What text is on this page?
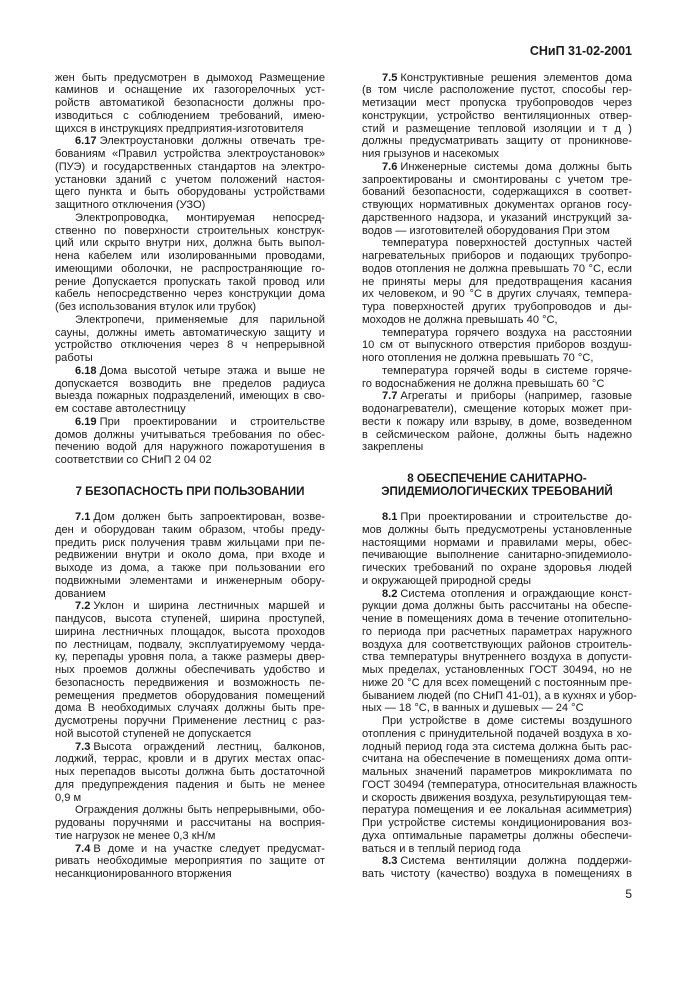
СНиП 31-02-2001
жен быть предусмотрен в дымоход Размещение
каминов и оснащение их газогорелочных уст-
ройств автоматикой безопасности должны про-
изводиться с соблюдением требований, имею-
щихся в инструкциях предприятия-изготовителя
6.17 Электроустановки должны отвечать тре-
бованиям «Правил устройства электроустановок»
(ПУЭ) и государственных стандартов на электро-
установки зданий с учетом положений настоя-
щего пункта и быть оборудованы устройствами
защитного отключения (УЗО)
Электропроводка, монтируемая непосред-
ственно по поверхности строительных конструк-
ций или скрыто внутри них, должна быть выпол-
нена кабелем или изолированными проводами,
имеющими оболочки, не распространяющие го-
рение Допускается пропускать такой провод или
кабель непосредственно через конструкции дома
(без использования втулок или трубок)
Электропечи, применяемые для парильной
сауны, должны иметь автоматическую защиту и
устройство отключения через 8 ч непрерывной
работы
6.18 Дома высотой четыре этажа и выше не
допускается возводить вне пределов радиуса
выезда пожарных подразделений, имеющих в сво-
ем составе автолестницу
6.19 При проектировании и строительстве
домов должны учитываться требования по обес-
печению водой для наружного пожаротушения в
соответствии со СНиП 2 04 02
7 БЕЗОПАСНОСТЬ ПРИ ПОЛЬЗОВАНИИ
7.1 Дом должен быть запроектирован, возве-
ден и оборудован таким образом, чтобы преду-
предить риск получения травм жильцами при пе-
редвижении внутри и около дома, при входе и
выходе из дома, а также при пользовании его
подвижными элементами и инженерным обору-
дованием
7.2 Уклон и ширина лестничных маршей и
пандусов, высота ступеней, ширина проступей,
ширина лестничных площадок, высота проходов
по лестницам, подвалу, эксплуатируемому черда-
ку, перепады уровня пола, а также размеры двер-
ных проемов должны обеспечивать удобство и
безопасность передвижения и возможность пе-
ремещения предметов оборудования помещений
дома В необходимых случаях должны быть пре-
дусмотрены поручни Применение лестниц с раз-
ной высотой ступеней не допускается
7.3 Высота ограждений лестниц, балконов,
лоджий, террас, кровли и в других местах опас-
ных перепадов высоты должна быть достаточной
для предупреждения падения и быть не менее
0,9 м
Ограждения должны быть непрерывными, обо-
рудованы поручнями и рассчитаны на восприя-
тие нагрузок не менее 0,3 кН/м
7.4 В доме и на участке следует предусмат-
ривать необходимые мероприятия по защите от
несанкционированного вторжения
7.5 Конструктивные решения элементов дома
(в том числе расположение пустот, способы гер-
метизации мест пропуска трубопроводов через
конструкции, устройство вентиляционных отвер-
стий и размещение тепловой изоляции и т д )
должны предусматривать защиту от проникнове-
ния грызунов и насекомых
7.6 Инженерные системы дома должны быть
запроектированы и смонтированы с учетом тре-
бований безопасности, содержащихся в соответ-
ствующих нормативных документах органов госу-
дарственного надзора, и указаний инструкций за-
водов — изготовителей оборудования При этом
температура поверхностей доступных частей
нагревательных приборов и подающих трубопро-
водов отопления не должна превышать 70 °С, если
не приняты меры для предотвращения касания
их человеком, и 90 °С в других случаях, темпера-
тура поверхностей других трубопроводов и ды-
моходов не должна превышать 40 °С,
температура горячего воздуха на расстоянии
10 см от выпускного отверстия приборов воздуш-
ного отопления не должна превышать 70 °С,
температура горячей воды в системе горяче-
го водоснабжения не должна превышать 60 °С
7.7 Агрегаты и приборы (например, газовые
водонагреватели), смещение которых может при-
вести к пожару или взрыву, в доме, возведенном
в сейсмическом районе, должны быть надежно
закреплены
8 ОБЕСПЕЧЕНИЕ САНИТАРНО-
ЭПИДЕМИОЛОГИЧЕСКИХ ТРЕБОВАНИЙ
8.1 При проектировании и строительстве до-
мов должны быть предусмотрены установленные
настоящими нормами и правилами меры, обес-
печивающие выполнение санитарно-эпидемиоло-
гических требований по охране здоровья людей
и окружающей природной среды
8.2 Система отопления и ограждающие конст-
рукции дома должны быть рассчитаны на обеспе-
чение в помещениях дома в течение отопительно-
го периода при расчетных параметрах наружного
воздуха для соответствующих районов строитель-
ства температуры внутреннего воздуха в допусти-
мых пределах, установленных ГОСТ 30494, но не
ниже 20 °С для всех помещений с постоянным пре-
быванием людей (по СНиП 41-01), а в кухнях и убор-
ных — 18 °С, в ванных и душевых — 24 °С
При устройстве в доме системы воздушного
отопления с принудительной подачей воздуха в хо-
лодный период года эта система должна быть рас-
считана на обеспечение в помещениях дома опти-
мальных значений параметров микроклимата по
ГОСТ 30494 (температура, относительная влажность
и скорость движения воздуха, результирующая тем-
пература помещения и ее локальная асимметрия)
При устройстве системы кондиционирования воз-
духа оптимальные параметры должны обеспечи-
ваться и в теплый период года
8.3 Система вентиляции должна поддержи-
вать чистоту (качество) воздуха в помещениях в
5
